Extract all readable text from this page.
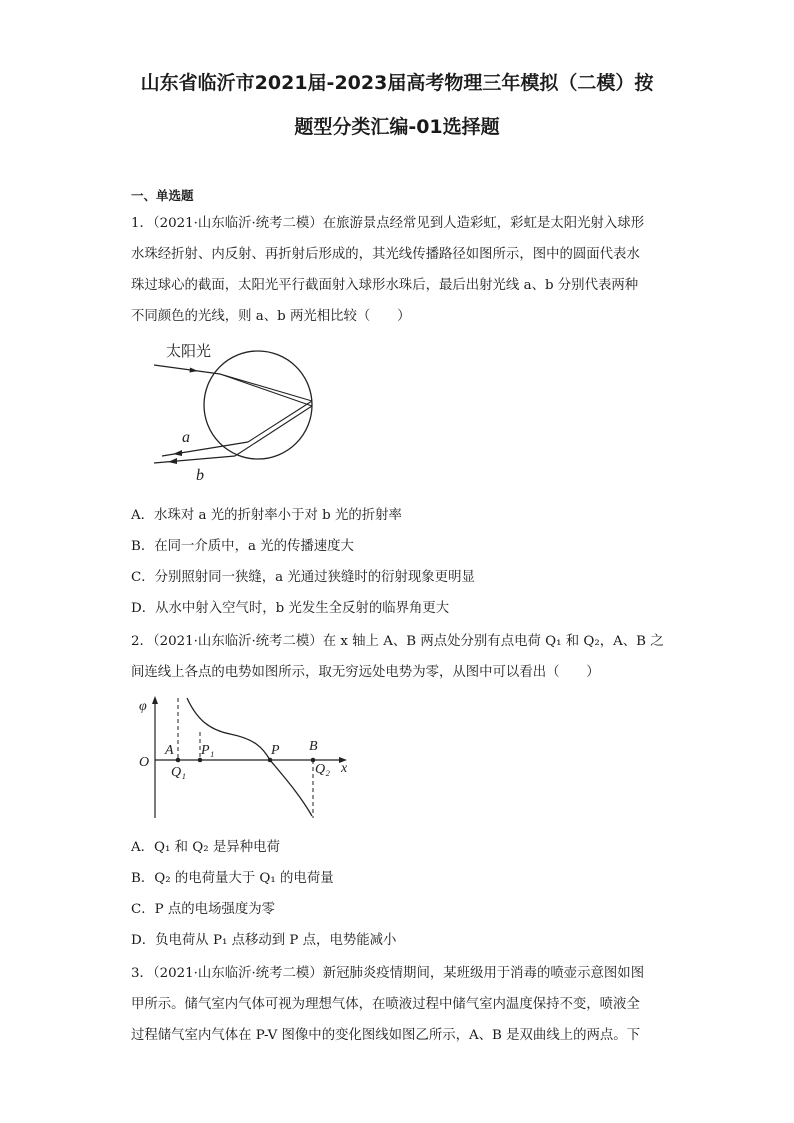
山东省临沂市2021届-2023届高考物理三年模拟（二模）按
题型分类汇编-01选择题
一、单选题
1．（2021·山东临沂·统考二模）在旅游景点经常见到人造彩虹，彩虹是太阳光射入球形
水珠经折射、内反射、再折射后形成的，其光线传播路径如图所示，图中的圆面代表水
珠过球心的截面，太阳光平行截面射入球形水珠后，最后出射光线 a、b 分别代表两种
不同颜色的光线，则 a、b 两光相比较（　　）
太阳光
a
b
A．水珠对 a 光的折射率小于对 b 光的折射率
B．在同一介质中，a 光的传播速度大
C．分别照射同一狭缝，a 光通过狭缝时的衍射现象更明显
D．从水中射入空气时，b 光发生全反射的临界角更大
2．（2021·山东临沂·统考二模）在 x 轴上 A、B 两点处分别有点电荷 Q₁ 和 Q₂，A、B 之
间连线上各点的电势如图所示，取无穷远处电势为零，从图中可以看出（　　）
φ
O	x
A P₁	P B
Q₁	Q₂
A．Q₁ 和 Q₂ 是异种电荷
B．Q₂ 的电荷量大于 Q₁ 的电荷量
C．P 点的电场强度为零
D．负电荷从 P₁ 点移动到 P 点，电势能减小
3．（2021·山东临沂·统考二模）新冠肺炎疫情期间，某班级用于消毒的喷壶示意图如图
甲所示。储气室内气体可视为理想气体，在喷液过程中储气室内温度保持不变，喷液全
过程储气室内气体在 P-V 图像中的变化图线如图乙所示，A、B 是双曲线上的两点。下
